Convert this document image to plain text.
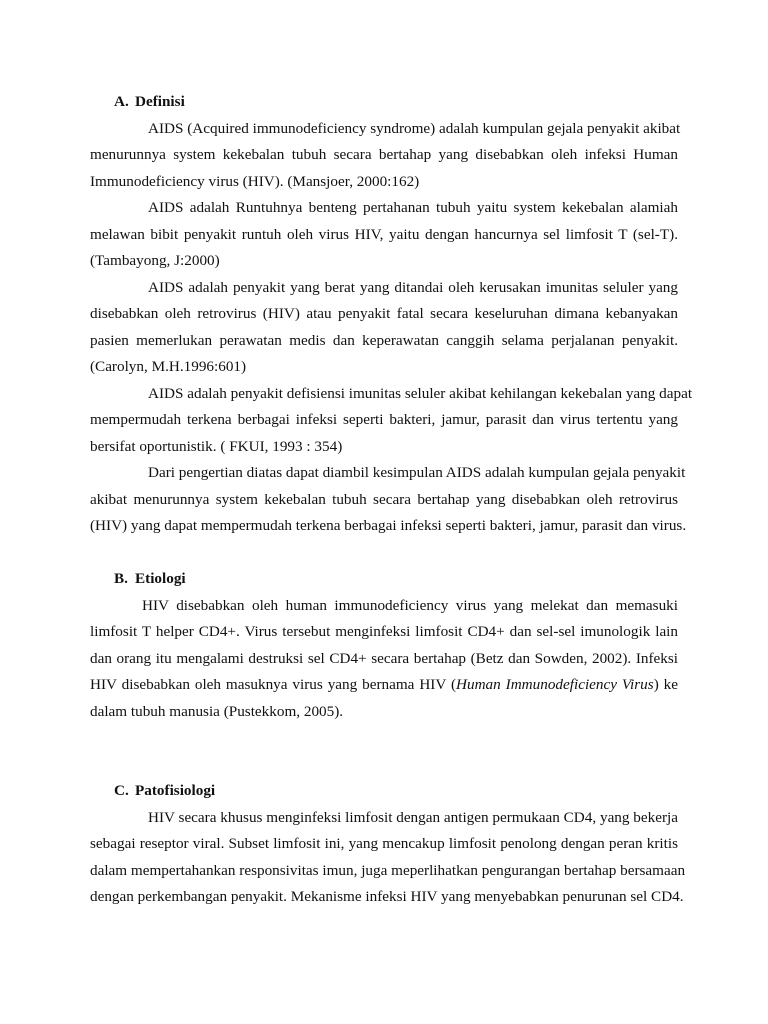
A. Definisi
AIDS (Acquired immunodeficiency syndrome) adalah kumpulan gejala penyakit akibat
menurunnya system kekebalan tubuh secara bertahap yang disebabkan oleh infeksi Human
Immunodeficiency virus (HIV). (Mansjoer, 2000:162)
AIDS adalah Runtuhnya benteng pertahanan tubuh yaitu system kekebalan alamiah
melawan bibit penyakit runtuh oleh virus HIV, yaitu dengan hancurnya sel limfosit T (sel-T).
(Tambayong, J:2000)
AIDS adalah penyakit yang berat yang ditandai oleh kerusakan imunitas seluler yang
disebabkan oleh retrovirus (HIV) atau penyakit fatal secara keseluruhan dimana kebanyakan
pasien memerlukan perawatan medis dan keperawatan canggih selama perjalanan penyakit.
(Carolyn, M.H.1996:601)
AIDS adalah penyakit defisiensi imunitas seluler akibat kehilangan kekebalan yang dapat
mempermudah terkena berbagai infeksi seperti bakteri, jamur, parasit dan virus tertentu yang
bersifat oportunistik. ( FKUI, 1993 : 354)
Dari pengertian diatas dapat diambil kesimpulan AIDS adalah kumpulan gejala penyakit
akibat menurunnya system kekebalan tubuh secara bertahap yang disebabkan oleh retrovirus
(HIV) yang dapat mempermudah terkena berbagai infeksi seperti bakteri, jamur, parasit dan virus.
B. Etiologi
HIV disebabkan oleh human immunodeficiency virus yang melekat dan memasuki
limfosit T helper CD4+. Virus tersebut menginfeksi limfosit CD4+ dan sel-sel imunologik lain
dan orang itu mengalami destruksi sel CD4+ secara bertahap (Betz dan Sowden, 2002). Infeksi
HIV disebabkan oleh masuknya virus yang bernama HIV (Human Immunodeficiency Virus) ke
dalam tubuh manusia (Pustekkom, 2005).
C. Patofisiologi
HIV secara khusus menginfeksi limfosit dengan antigen permukaan CD4, yang bekerja
sebagai reseptor viral. Subset limfosit ini, yang mencakup limfosit penolong dengan peran kritis
dalam mempertahankan responsivitas imun, juga meperlihatkan pengurangan bertahap bersamaan
dengan perkembangan penyakit. Mekanisme infeksi HIV yang menyebabkan penurunan sel CD4.
